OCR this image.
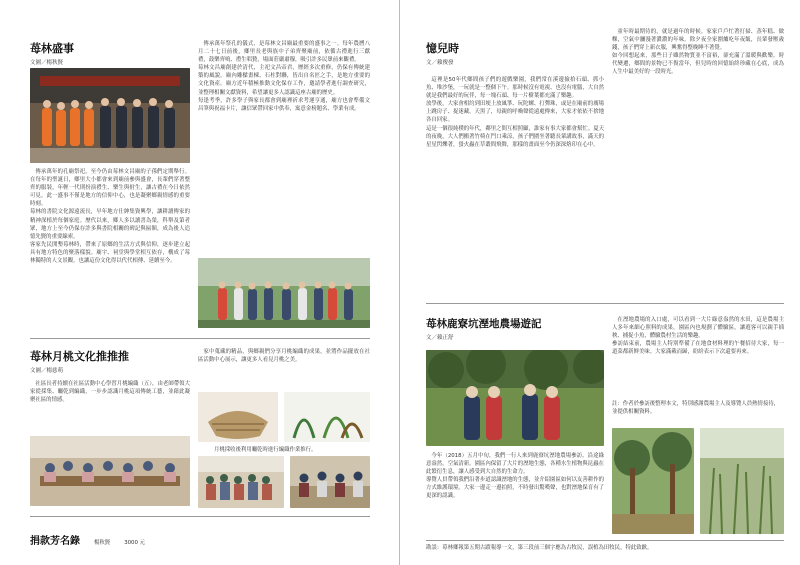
苺林盛事
文圖／楊秋賢
傳承萬年的孔廟祭祀，至今仍由莓林文昌廟的子孫們定期舉行。在每年的聖誕日，鄉里大小都會來到廟前參與盛會，長輩們穿著整齊的服裝，年輕一代則扮演禮生、樂生與佾生，讓古禮在今日依然可見。此一盛事不僅是地方的信仰中心，也是凝聚鄉親情感的重要時刻。
莓林的書院文化源遠流長，早年地方仕紳集資興學，讓耕讀傳家的精神深植於每個家庭。歷代以來，鄉人多以讀書為榮，科舉及第者眾，地方上至今仍保存許多與書院相關的碑記與匾額，成為後人追憶先賢的重要線索。
客家先民開墾莓林時，帶來了原鄉的生活方式與信仰，逐步建立起具有地方特色的聚落樣貌。廟宇、祠堂與學堂相互依存，構成了莓林獨特的人文景觀，也讓這份文化得以代代相傳、延續至今。
傳承萬年祭孔的儀式，是莓林文昌廟最重要的盛事之一。每年農曆八月二十七日前後，鄉里長老與族中子弟齊聚廟前，依循古禮進行三獻禮，鼓樂齊鳴、禮生唱贊，場面莊嚴肅穆，吸引許多民眾前來觀禮。
莓林文昌廟創建於清代，主祀文昌帝君，歷經多次重修，仍保有傳統建築的風貌。廟內雕樑畫棟、石柱對聯，皆出自名匠之手，是地方重要的文化資產。廟方近年積極推動文化保存工作，邀請學者進行調查研究，並整理相關文獻資料，希望讓更多人認識這座古廟的歷史。
每逢考季，許多學子與家長都會到廟裡祈求考運亨通，廟方也會準備文昌筆與祝福卡片，讓信眾帶回家中供奉，寓意金榜題名、學業有成。
苺林月桃文化推推推
文圖／楊慈萌
社區長者持續在社區活動中心學習月桃編織（五），由老師帶領大家從採集、曬乾到編織，一步步認識月桃這項傳統工藝，並藉此凝聚社區的情感。
家中蒐藏的精品，與鄉親們分享月桃編織的成果，並將作品擺放在社區活動中心展示，讓更多人看見月桃之美。
月桃採收後利用曬乾時進行編織作業推行。
捐款芳名錄	楊秋賢	3000 元
憶兒時
文／賴俊發
這裡是50年代鄉間孩子們的遊戲樂園，我們常在溪邊撿拾石頭、抓小魚、堆沙堡，一玩就是一整個下午。那時候沒有電視、也沒有電腦，大自然就是我們最好的玩伴，每一塊石頭、每一片樹葉都充滿了樂趣。
放學後，大家會相約到田埂上放風箏、玩陀螺、打彈珠，或是在廟前的廣場上跳房子、捉迷藏。天黑了，母親的呼喚聲從遠處傳來，大家才依依不捨地各自回家。
這是一個很純樸的年代，鄰里之間互相照顧，誰家有事大家都會幫忙。夏天的夜晚，大人們搬著竹椅在門口乘涼，孩子們圍坐著聽長輩講故事，滿天的星星閃爍著，螢火蟲在草叢間飛舞，那樣的畫面至今仍深深烙印在心中。
童年時最期待的，就是過年的時候。家家戶戶忙著打掃、蒸年糕、做粿，空氣中瀰漫著濃濃的年味。除夕夜全家圍爐吃年夜飯，長輩發壓歲錢，孩子們穿上新衣服，興奮得整晚睡不著覺。
如今回想起來，那些日子雖然物質並不富裕，卻充滿了溫暖與歡樂。時代變遷，鄉間的景物已不復當年，但兒時的回憶始終珍藏在心底，成為人生中最美好的一段時光。
苺林鹿寮坑溼地農場遊記
文／賴正舒
今年（2018）五月中旬，我們一行人來到鹿寮坑溼地農場參訪，沿途綠意盎然，空氣清新。園區內保留了大片的溼地生態，各種水生植物與昆蟲在此繁衍生息，讓人感受到大自然的生命力。
導覽人員帶領我們沿著步道認識溼地的生態，並介紹園區如何以友善耕作的方式維護環境。大家一邊走一邊拍照，不時發出驚嘆聲，也對溼地保育有了更深的認識。
在溼地農場的入口處，可以看到一大片綠意盎然的水田，這是農場主人多年來細心照料的成果。園區內也規劃了體驗區，讓遊客可以親手插秧、捕捉小魚，體驗農村生活的樂趣。
參訪結束前，農場主人特別準備了在地食材料理的午餐招待大家，每一道菜都新鮮美味。大家滿載而歸，紛紛表示下次還要再來。
註：作者於參訪後整理本文，特別感謝農場主人及導覽人員熱情接待，並提供相關資料。
勘誤：苺林鄉報第五期古蹟報導一文，第三段前三個字應為古牧民，誤植為田牧民，特此致歉。
